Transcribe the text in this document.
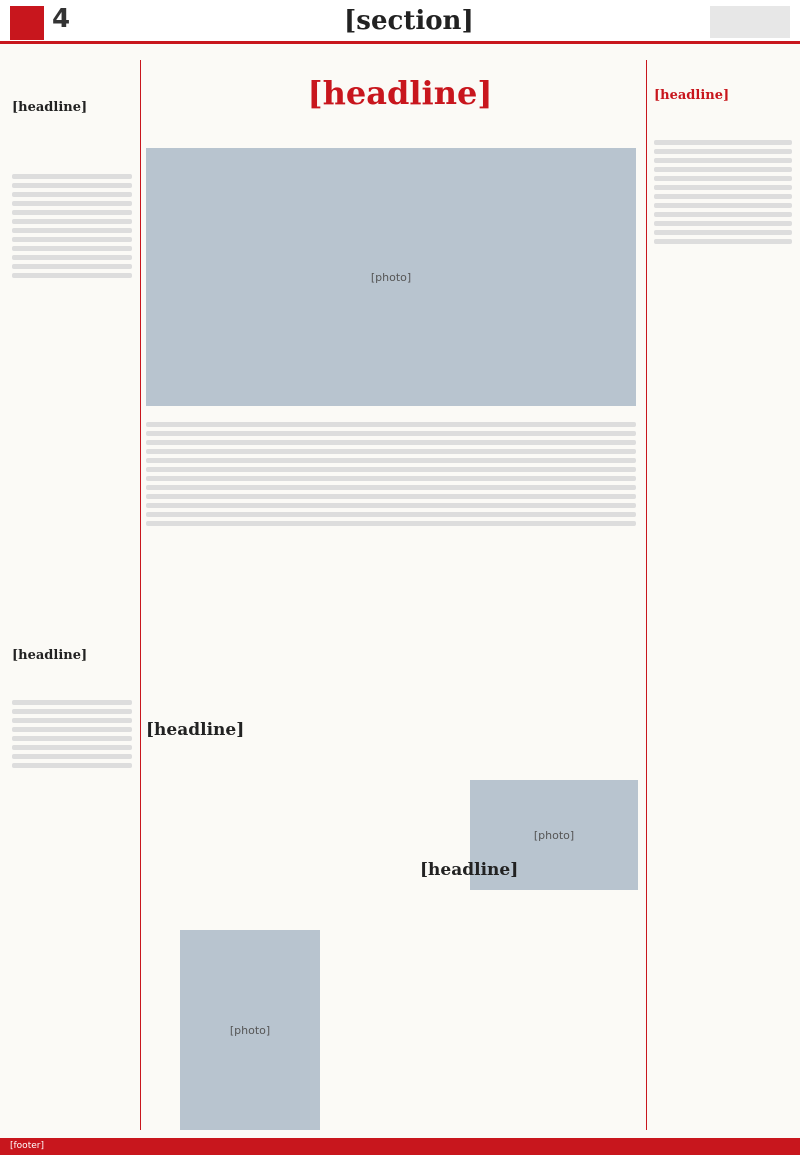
4	[section]
[headline]
[photo]
[headline]
[headline]
[headline]
[photo]
[photo]
[headline]
[headline]
[footer]
